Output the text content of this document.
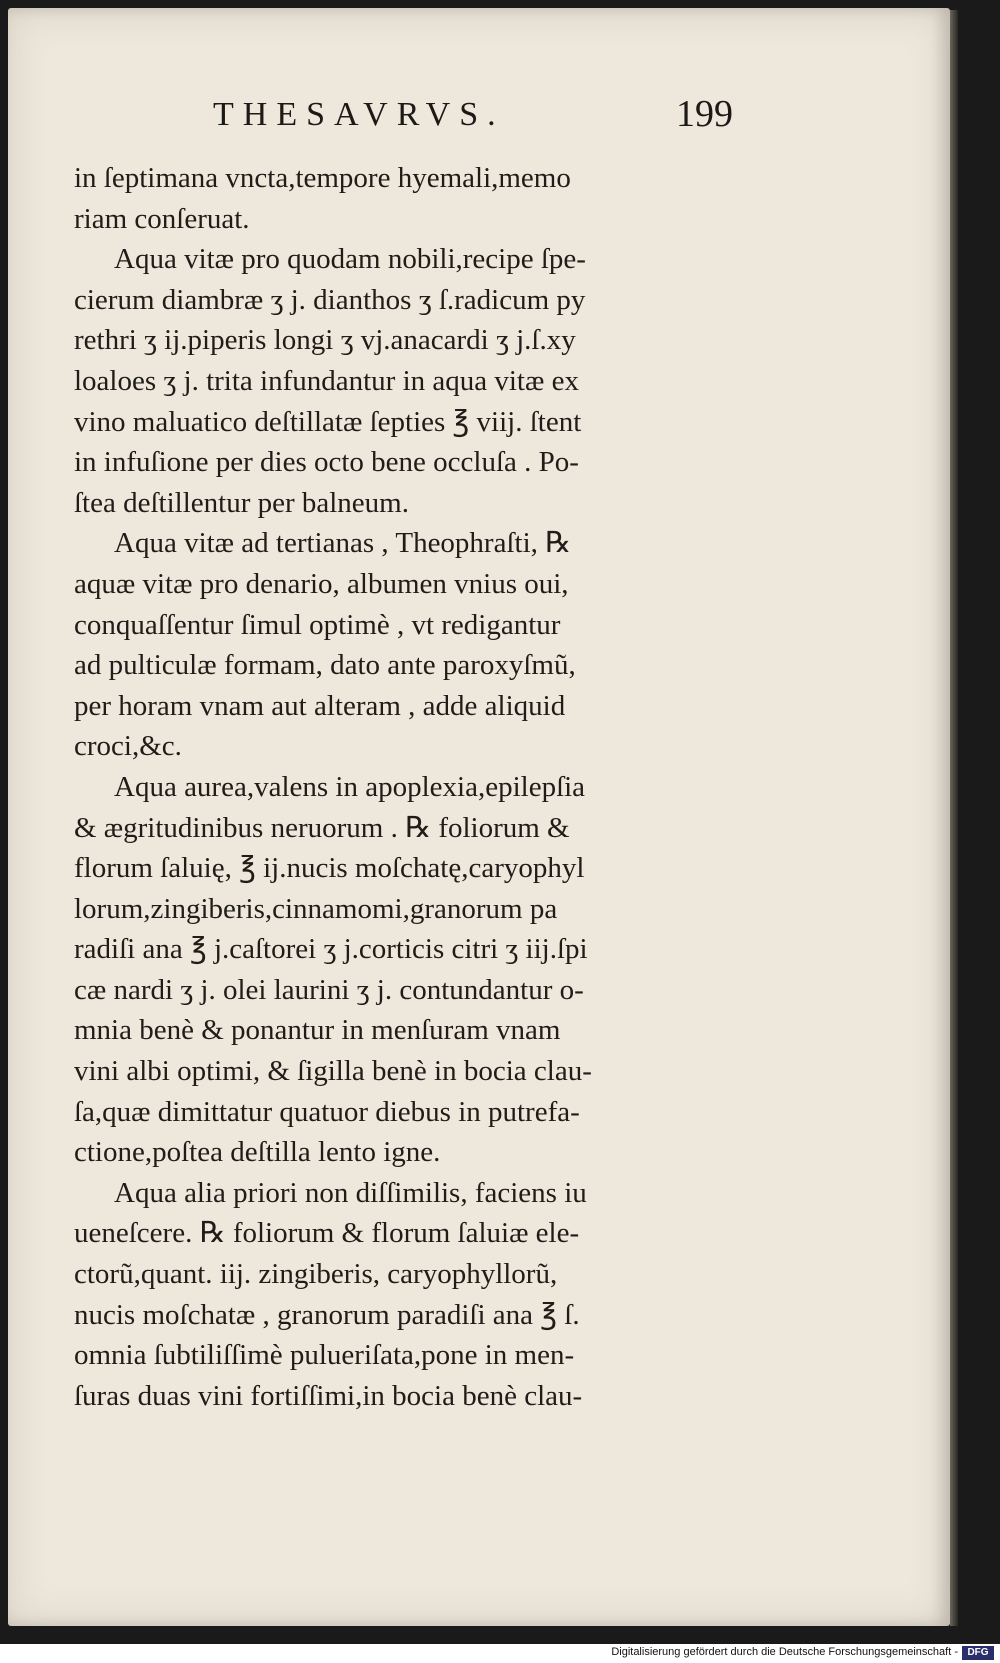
THESAVRVS.	199
in ſeptimana vncta,tempore hyemali,memo
riam conſeruat.
Aqua vitæ pro quodam nobili,recipe ſpe-
cierum diambræ ʒ j. dianthos ʒ ſ.radicum py
rethri ʒ ij.piperis longi ʒ vj.anacardi ʒ j.ſ.xy
loaloes ʒ j. trita infundantur in aqua vitæ ex
vino maluatico deſtillatæ ſepties ℥ viij. ſtent
in infuſione per dies octo bene occluſa . Po-
ſtea deſtillentur per balneum.
Aqua vitæ ad tertianas , Theophraſti, ℞
aquæ vitæ pro denario, albumen vnius oui,
conquaſſentur ſimul optimè , vt redigantur
ad pulticulæ formam, dato ante paroxyſmũ,
per horam vnam aut alteram , adde aliquid
croci,&c.
Aqua aurea,valens in apoplexia,epilepſia
& ægritudinibus neruorum . ℞ foliorum &
florum ſaluię, ℥ ij.nucis moſchatę,caryophyl
lorum,zingiberis,cinnamomi,granorum pa
radiſi ana ℥ j.caſtorei ʒ j.corticis citri ʒ iij.ſpi
cæ nardi ʒ j. olei laurini ʒ j. contundantur o-
mnia benè & ponantur in menſuram vnam
vini albi optimi, & ſigilla benè in bocia clau-
ſa,quæ dimittatur quatuor diebus in putrefa-
ctione,poſtea deſtilla lento igne.
Aqua alia priori non diſſimilis, faciens iu
ueneſcere. ℞ foliorum & florum ſaluiæ ele-
ctorũ,quant. iij. zingiberis, caryophyllorũ,
nucis moſchatæ , granorum paradiſi ana ℥ ſ.
omnia ſubtiliſſimè pulueriſata,pone in men-
ſuras duas vini fortiſſimi,in bocia benè clau-
Digitalisierung gefördert durch die Deutsche Forschungsgemeinschaft - DFG
